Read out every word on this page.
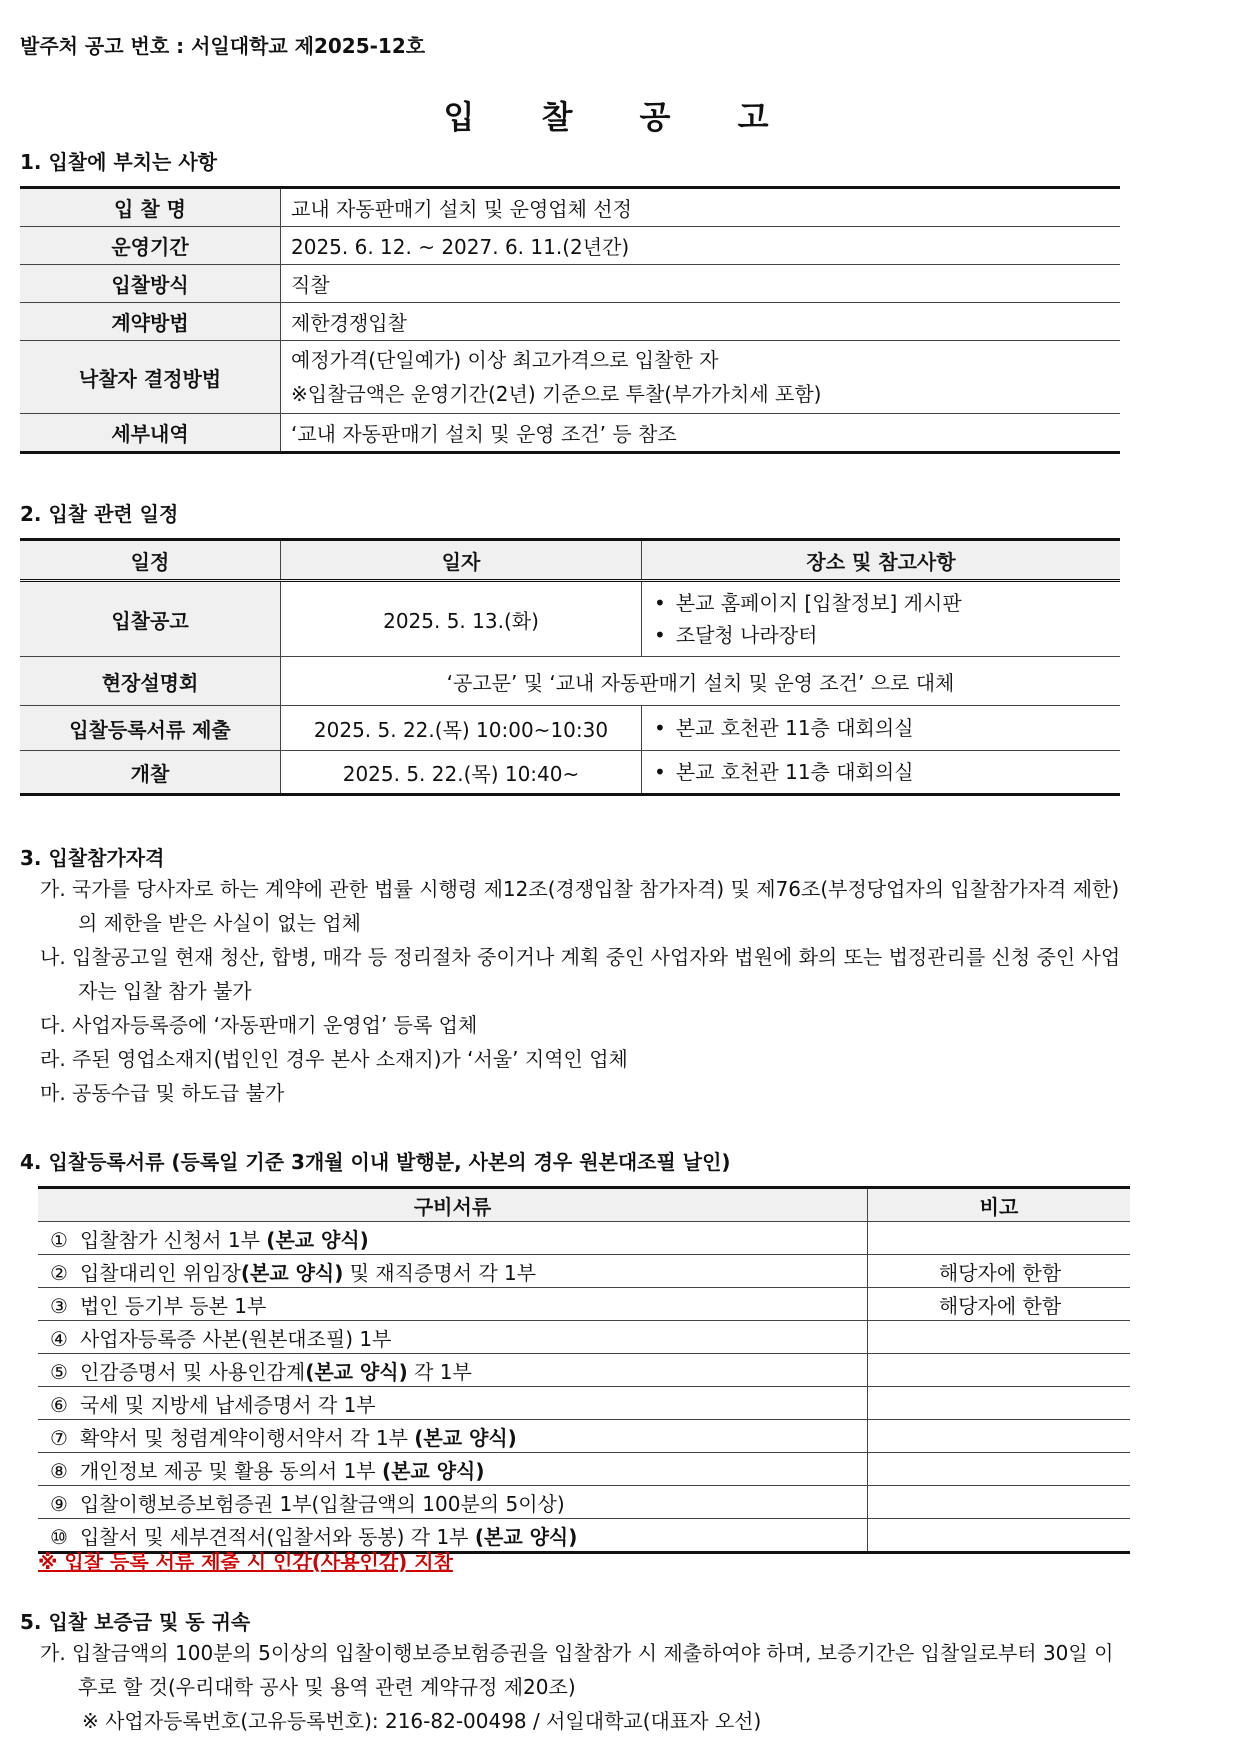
발주처 공고 번호 : 서일대학교 제2025-12호
입 찰 공 고
1. 입찰에 부치는 사항
입 찰 명	교내 자동판매기 설치 및 운영업체 선정
운영기간	2025. 6. 12. ~ 2027. 6. 11.(2년간)
입찰방식	직찰
계약방법	제한경쟁입찰
낙찰자 결정방법	예정가격(단일예가) 이상 최고가격으로 입찰한 자
※입찰금액은 운영기간(2년) 기준으로 투찰(부가가치세 포함)

세부내역	‘교내 자동판매기 설치 및 운영 조건’ 등 참조
2. 입찰 관련 일정
일정	일자	장소 및 참고사항
입찰공고	2025. 5. 13.(화)	• 본교 홈페이지 [입찰정보] 게시판
• 조달청 나라장터

현장설명회	‘공고문’ 및 ‘교내 자동판매기 설치 및 운영 조건’ 으로 대체	
입찰등록서류 제출	2025. 5. 22.(목) 10:00~10:30	• 본교 호천관 11층 대회의실

개찰	2025. 5. 22.(목) 10:40~	• 본교 호천관 11층 대회의실
3. 입찰참가자격
가. 국가를 당사자로 하는 계약에 관한 법률 시행령 제12조(경쟁입찰 참가자격) 및 제76조(부정당업자의 입찰참가자격 제한)의 제한을 받은 사실이 없는 업체
나. 입찰공고일 현재 청산, 합병, 매각 등 정리절차 중이거나 계획 중인 사업자와 법원에 화의 또는 법정관리를 신청 중인 사업자는 입찰 참가 불가
다. 사업자등록증에 ‘자동판매기 운영업’ 등록 업체
라. 주된 영업소재지(법인인 경우 본사 소재지)가 ‘서울’ 지역인 업체
마. 공동수급 및 하도급 불가
4. 입찰등록서류 (등록일 기준 3개월 이내 발행분, 사본의 경우 원본대조필 날인)
구비서류	비고
① 입찰참가 신청서 1부 (본교 양식)	
② 입찰대리인 위임장(본교 양식) 및 재직증명서 각 1부	해당자에 한함
③ 법인 등기부 등본 1부	해당자에 한함
④ 사업자등록증 사본(원본대조필) 1부	
⑤ 인감증명서 및 사용인감계(본교 양식) 각 1부	
⑥ 국세 및 지방세 납세증명서 각 1부	
⑦ 확약서 및 청렴계약이행서약서 각 1부 (본교 양식)	
⑧ 개인정보 제공 및 활용 동의서 1부 (본교 양식)	
⑨ 입찰이행보증보험증권 1부(입찰금액의 100분의 5이상)	
⑩ 입찰서 및 세부견적서(입찰서와 동봉) 각 1부 (본교 양식)	
※ 입찰 등록 서류 제출 시 인감(사용인감) 지참
5. 입찰 보증금 및 동 귀속
가. 입찰금액의 100분의 5이상의 입찰이행보증보험증권을 입찰참가 시 제출하여야 하며, 보증기간은 입찰일로부터 30일 이후로 할 것(우리대학 공사 및 용역 관련 계약규정 제20조)
※ 사업자등록번호(고유등록번호): 216-82-00498 / 서일대학교(대표자 오선)
